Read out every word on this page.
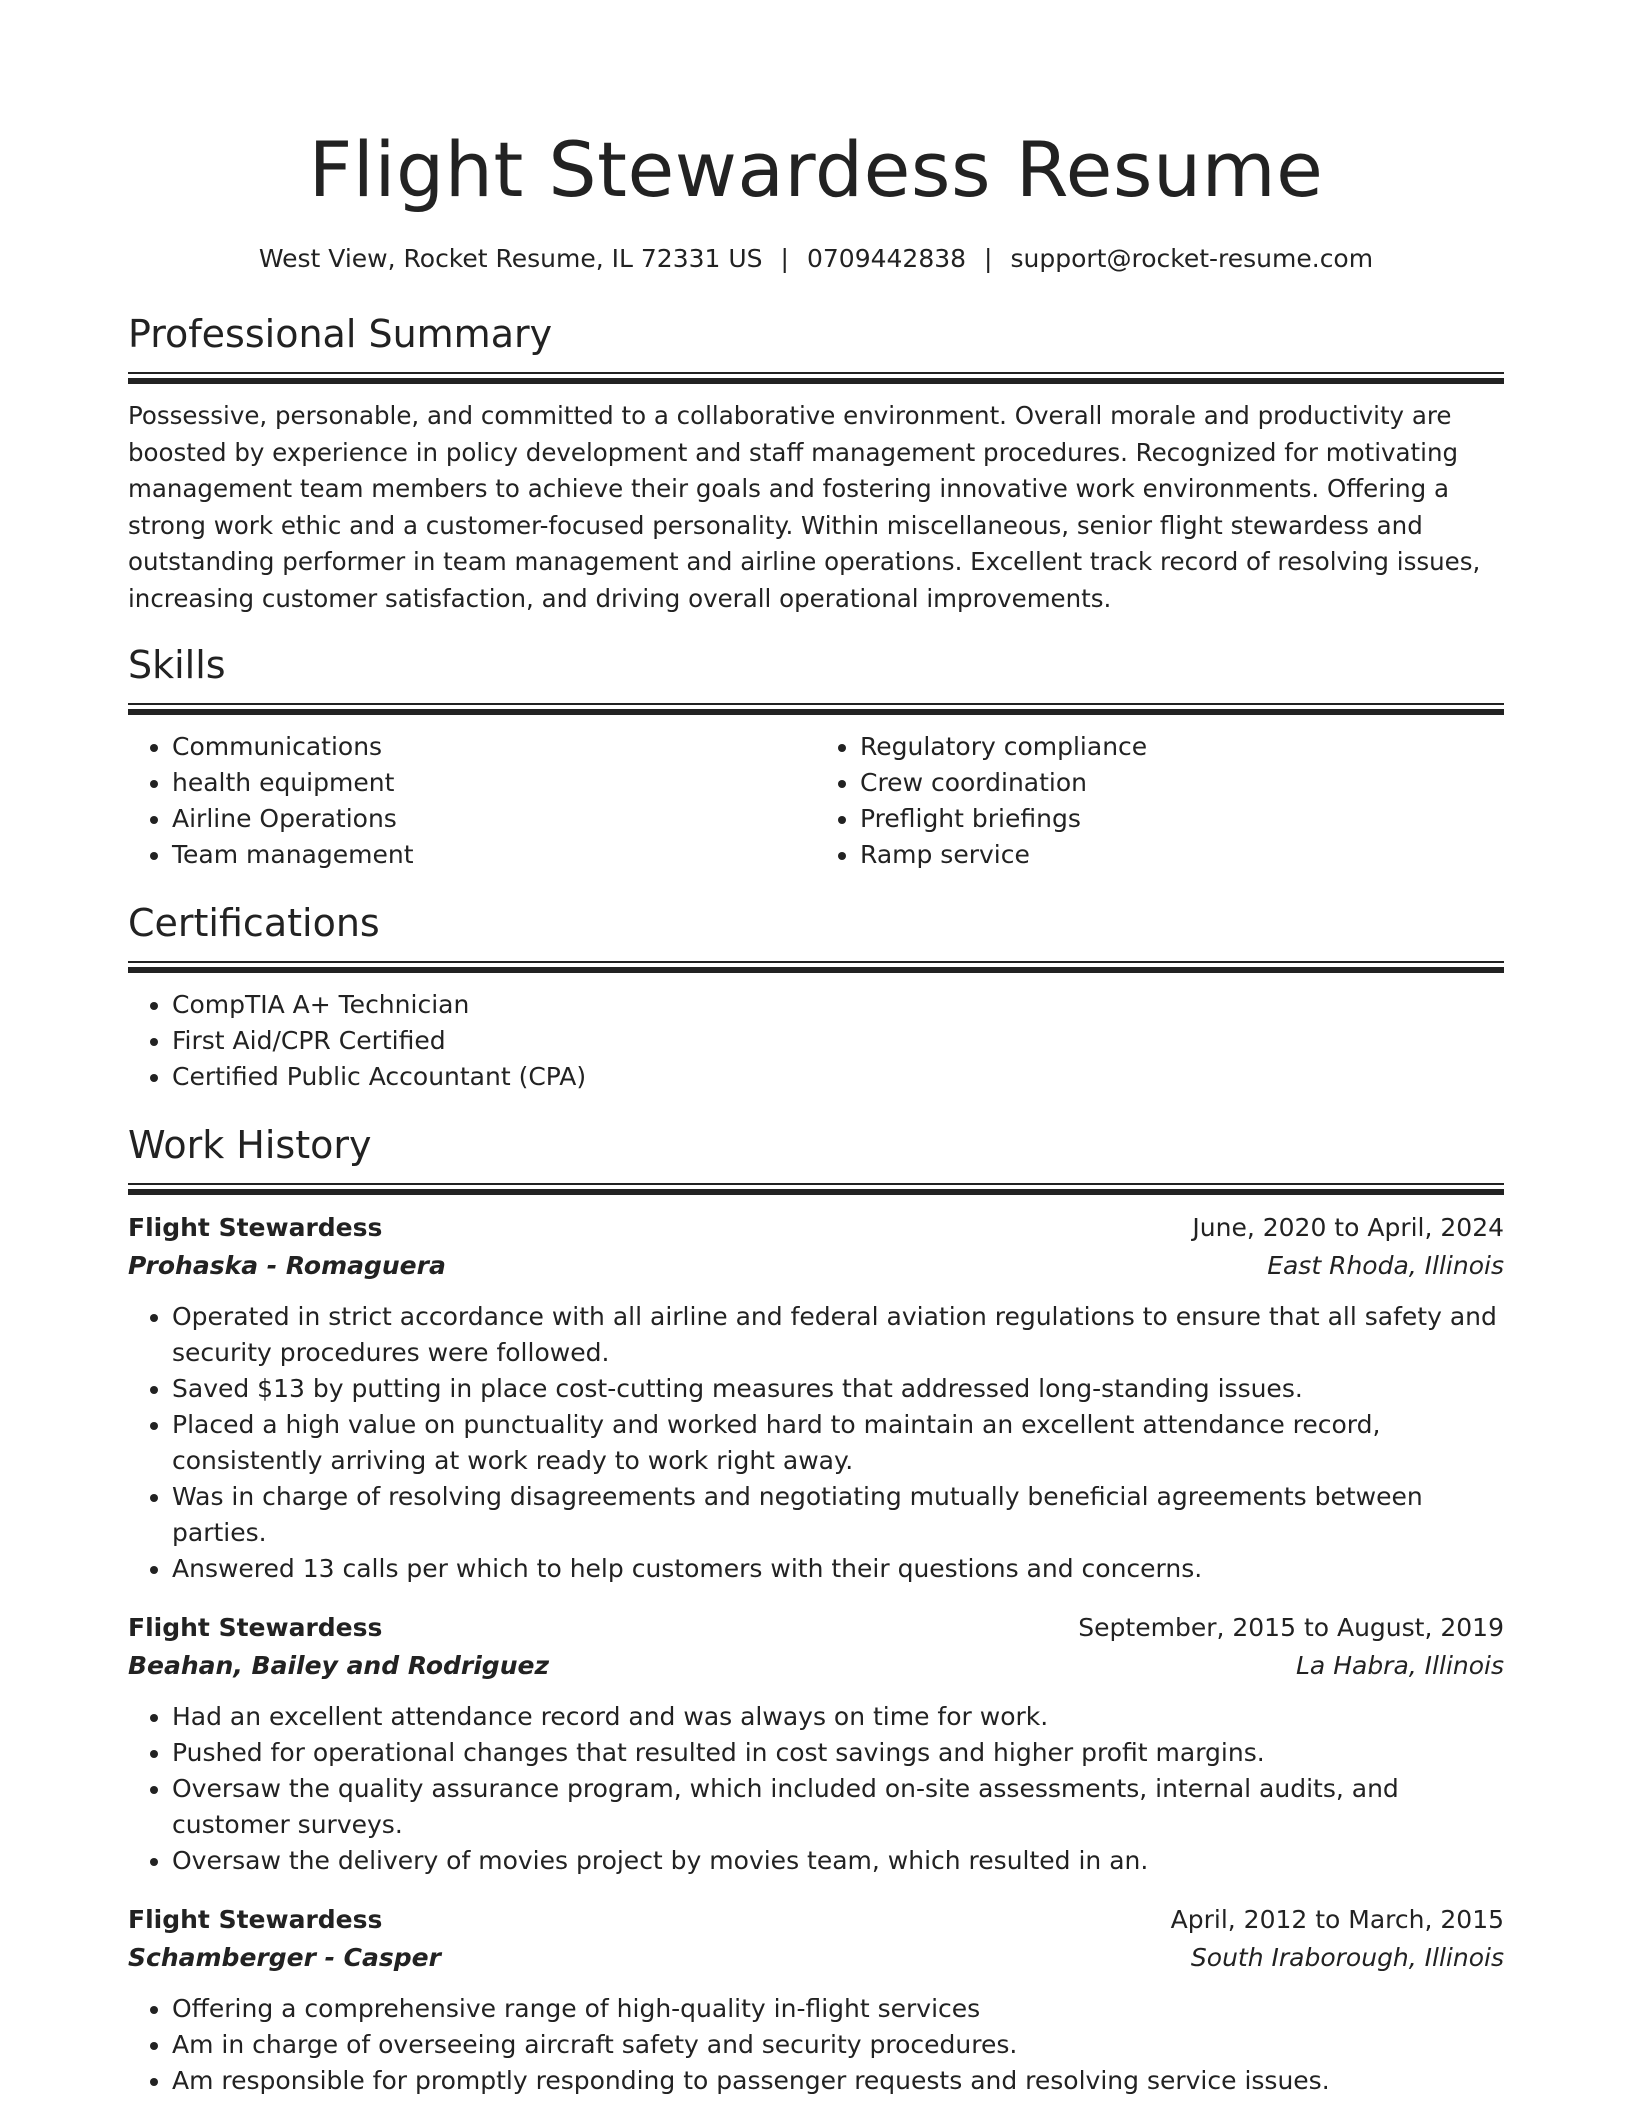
Flight Stewardess Resume
West View, Rocket Resume, IL 72331 US | 0709442838 | support@rocket-resume.com
Professional Summary

Possessive, personable, and committed to a collaborative environment. Overall morale and productivity are boosted by experience in policy development and staff management procedures. Recognized for motivating management team members to achieve their goals and fostering innovative work environments. Offering a strong work ethic and a customer-focused personality. Within miscellaneous, senior flight stewardess and outstanding performer in team management and airline operations. Excellent track record of resolving issues, increasing customer satisfaction, and driving overall operational improvements.

Skills
• Communications
• health equipment
• Airline Operations
• Team management
• Regulatory compliance
• Crew coordination
• Preflight briefings
• Ramp service
Certifications
• CompTIA A+ Technician
• First Aid/CPR Certified
• Certified Public Accountant (CPA)
Work History
Flight Stewardess	June, 2020 to April, 2024
Prohaska - Romaguera	East Rhoda, Illinois
• Operated in strict accordance with all airline and federal aviation regulations to ensure that all safety and security procedures were followed.
• Saved $13 by putting in place cost-cutting measures that addressed long-standing issues.
• Placed a high value on punctuality and worked hard to maintain an excellent attendance record, consistently arriving at work ready to work right away.
• Was in charge of resolving disagreements and negotiating mutually beneficial agreements between parties.
• Answered 13 calls per which to help customers with their questions and concerns.
Flight Stewardess	September, 2015 to August, 2019
Beahan, Bailey and Rodriguez	La Habra, Illinois
• Had an excellent attendance record and was always on time for work.
• Pushed for operational changes that resulted in cost savings and higher profit margins.
• Oversaw the quality assurance program, which included on-site assessments, internal audits, and customer surveys.
• Oversaw the delivery of movies project by movies team, which resulted in an.
Flight Stewardess	April, 2012 to March, 2015
Schamberger - Casper	South Iraborough, Illinois
• Offering a comprehensive range of high-quality in-flight services
• Am in charge of overseeing aircraft safety and security procedures.
• Am responsible for promptly responding to passenger requests and resolving service issues.
